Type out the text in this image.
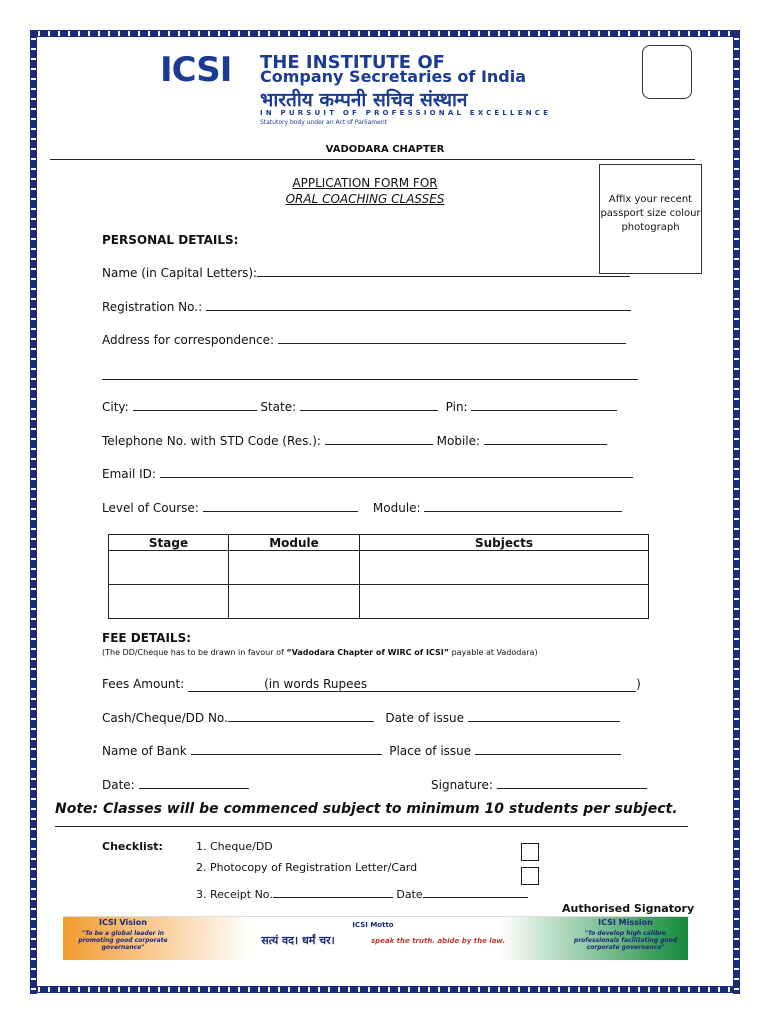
ICSI THE INSTITUTE OF
Company Secretaries of India
भारतीय कम्पनी सचिव संस्थान
IN PURSUIT OF PROFESSIONAL EXCELLENCE
Statutory body under an Act of Parliament
VADODARA CHAPTER
APPLICATION FORM FOR
ORAL COACHING CLASSES	Affix your recent passport size colour photograph
PERSONAL DETAILS:
Name (in Capital Letters):
Registration No.:
Address for correspondence:
City:	State:	Pin:
Telephone No. with STD Code (Res.):	Mobile:
Email ID:
Level of Course:	Module:
Stage	Module	Subjects

FEE DETAILS:
(The DD/Cheque has to be drawn in favour of “Vadodara Chapter of WIRC of ICSI” payable at Vadodara)
Fees Amount:	(in words Rupees	)
Cash/Cheque/DD No.	Date of issue
Name of Bank	Place of issue
Date:	Signature:
Note: Classes will be commenced subject to minimum 10 students per subject.
Checklist:	1. Cheque/DD
2. Photocopy of Registration Letter/Card
3. Receipt No.	Date
Authorised Signatory
ICSI Vision
"To be a global leader in promoting good corporate governance"
ICSI Motto
सत्यं वद। धर्मं चर।	speak the truth. abide by the law.
ICSI Mission
"To develop high calibre professionals facilitating good corporate governance"
